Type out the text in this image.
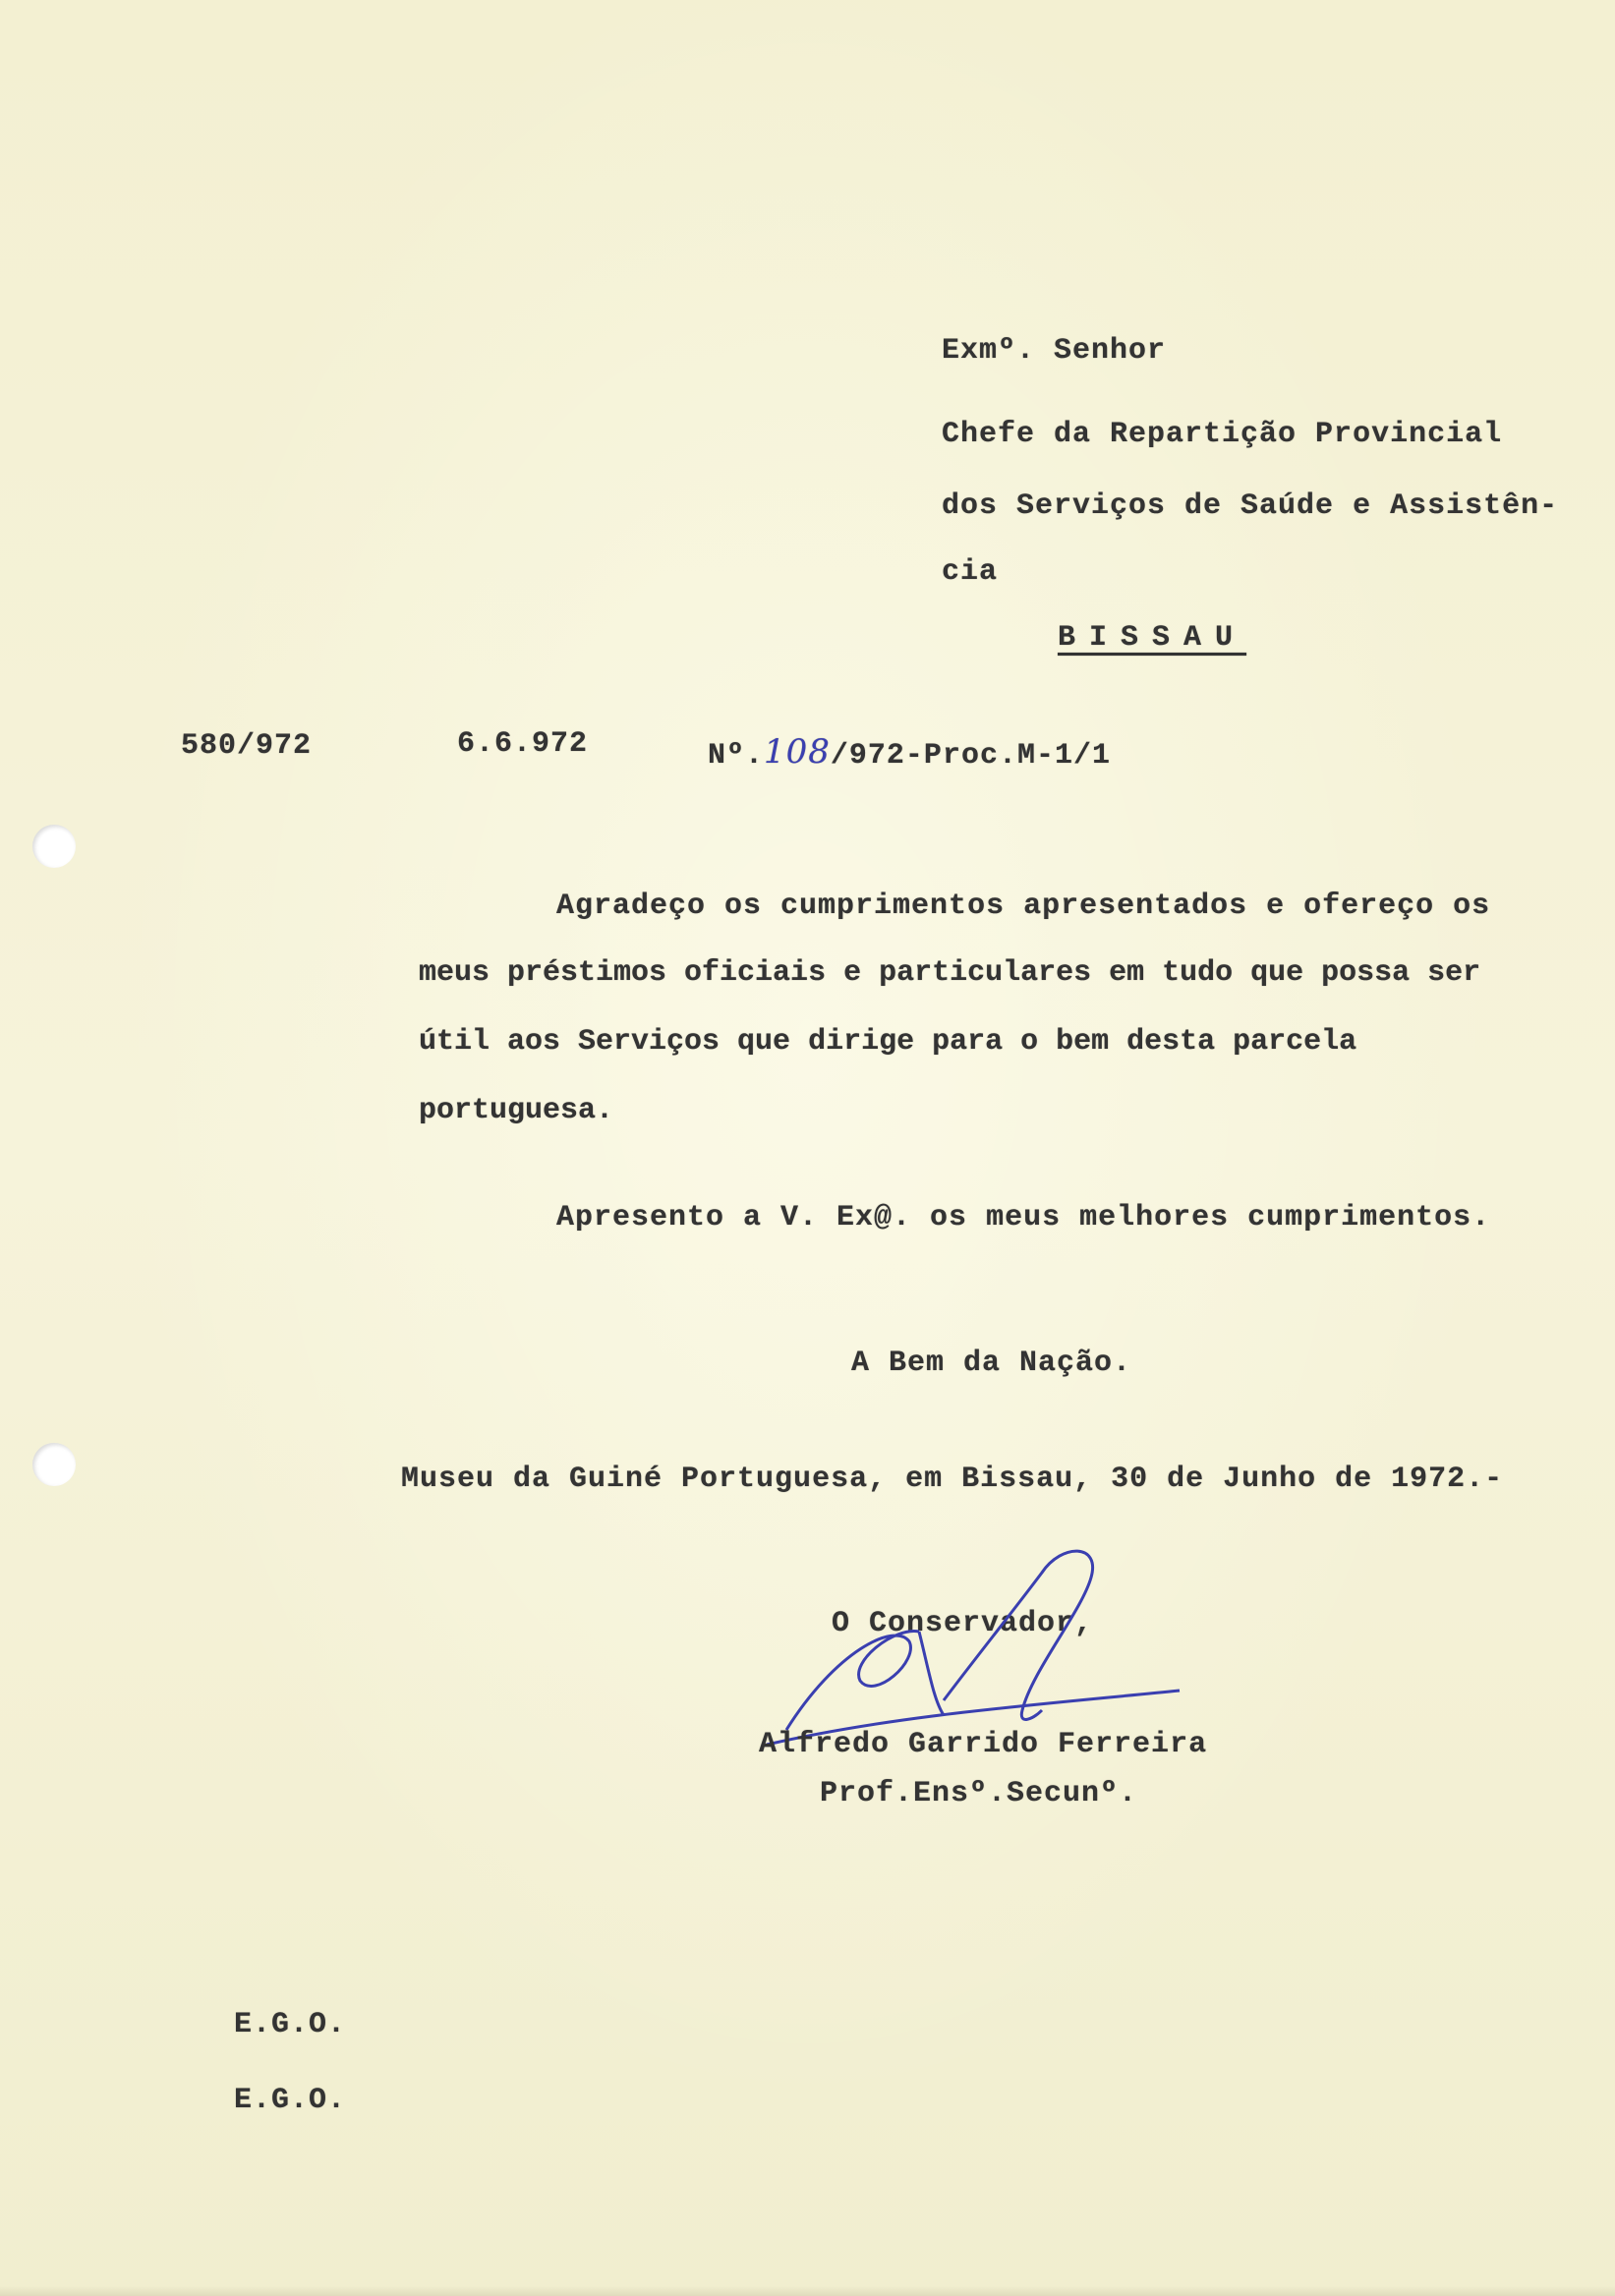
Exmº. Senhor
Chefe da Repartição Provincial
dos Serviços de Saúde e Assistên-
cia
BISSAU
580/972	6.6.972	Nº.108/972-Proc.M-1/1
Agradeço os cumprimentos apresentados e ofereço os

meus préstimos oficiais e particulares em tudo que possa ser útil aos Serviços que dirige para o bem desta parcela portuguesa.

Apresento a V. Ex@. os meus melhores cumprimentos.
A Bem da Nação.
Museu da Guiné Portuguesa, em Bissau, 30 de Junho de 1972.-
O Conservador,
Alfredo Garrido Ferreira
Prof.Ensº.Secunº.
E.G.O.
E.G.O.
